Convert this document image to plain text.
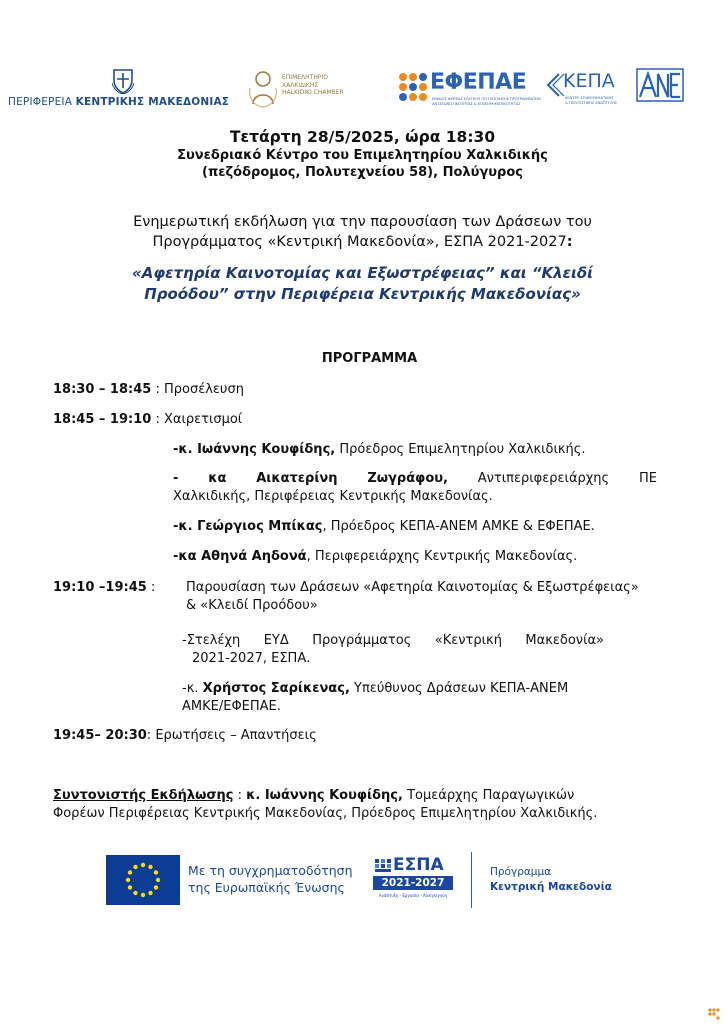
ΠΕΡΙΦΕΡΕΙΑ ΚΕΝΤΡΙΚΗΣ ΜΑΚΕΔΟΝΙΑΣ
ΕΠΙΜΕΛΗΤΗΡΙΟ
ΧΑΛΚΙΔΙΚΗΣ
HALKIDIKI CHAMBER	ΕΦΕΠΑΕ
ΕΝΙΑΙΟΣ ΦΟΡΕΑΣ ΕΛΕΓΧΟΥ ΠΙΣΤΟΠΟΙΗΣΗΣ ΠΡΟΓΡΑΜΜΑΤΩΝ
ΑΝΤΑΓΩΝΙΣΤΙΚΟΤΗΤΑΣ & ΕΠΙΧΕΙΡΗΜΑΤΙΚΟΤΗΤΑΣ
ΚΕΠΑ
ΚΕΝΤΡΟ ΕΠΙΧΕΙΡΗΜΑΤΙΚΗΣ
& ΠΟΛΙΤΙΣΤΙΚΗΣ ΑΝΑΠΤΥΞΗΣ
Τετάρτη 28/5/2025, ώρα 18:30
Συνεδριακό Κέντρο του Επιμελητηρίου Χαλκιδικής
(πεζόδρομος, Πολυτεχνείου 58), Πολύγυρος
Ενημερωτική εκδήλωση για την παρουσίαση των Δράσεων του
Προγράμματος «Κεντρική Μακεδονία», ΕΣΠΑ 2021-2027:
«Αφετηρία Καινοτομίας και Εξωστρέφειας” και “Κλειδί
Προόδου” στην Περιφέρεια Κεντρικής Μακεδονίας»
ΠΡΟΓΡΑΜΜΑ
18:30 – 18:45 : Προσέλευση
18:45 – 19:10 : Χαιρετισμοί
-κ. Ιωάννης Κουφίδης, Πρόεδρος Επιμελητηρίου Χαλκιδικής.
- κα Αικατερίνη Ζωγράφου, Αντιπεριφερειάρχης ΠΕ
Χαλκιδικής, Περιφέρειας Κεντρικής Μακεδονίας.
-κ. Γεώργιος Μπίκας, Πρόεδρος ΚΕΠΑ-ΑΝΕΜ ΑΜΚΕ & ΕΦΕΠΑΕ.
-κα Αθηνά Αηδονά, Περιφερειάρχης Κεντρικής Μακεδονίας.
19:10 –19:45 : Παρουσίαση των Δράσεων «Αφετηρία Καινοτομίας & Εξωστρέφειας»
& «Κλειδί Προόδου»
-Στελέχη ΕΥΔ Προγράμματος «Κεντρική Μακεδονία»
2021-2027, ΕΣΠΑ.
-κ. Χρήστος Σαρίκενας, Υπεύθυνος Δράσεων ΚΕΠΑ-ΑΝΕΜ
ΑΜΚΕ/ΕΦΕΠΑΕ.
19:45– 20:30: Ερωτήσεις – Απαντήσεις
Συντονιστής Εκδήλωσης : κ. Ιωάννης Κουφίδης, Τομεάρχης Παραγωγικών
Φορέων Περιφέρειας Κεντρικής Μακεδονίας, Πρόεδρος Επιμελητηρίου Χαλκιδικής.
Με τη συγχρηματοδότηση
της Ευρωπαϊκής Ένωσης
ΕΣΠΑ
2021-2027
Ανάπτυξη - Εργασία - Αλληλεγγύη
Πρόγραμμα
Κεντρική Μακεδονία
